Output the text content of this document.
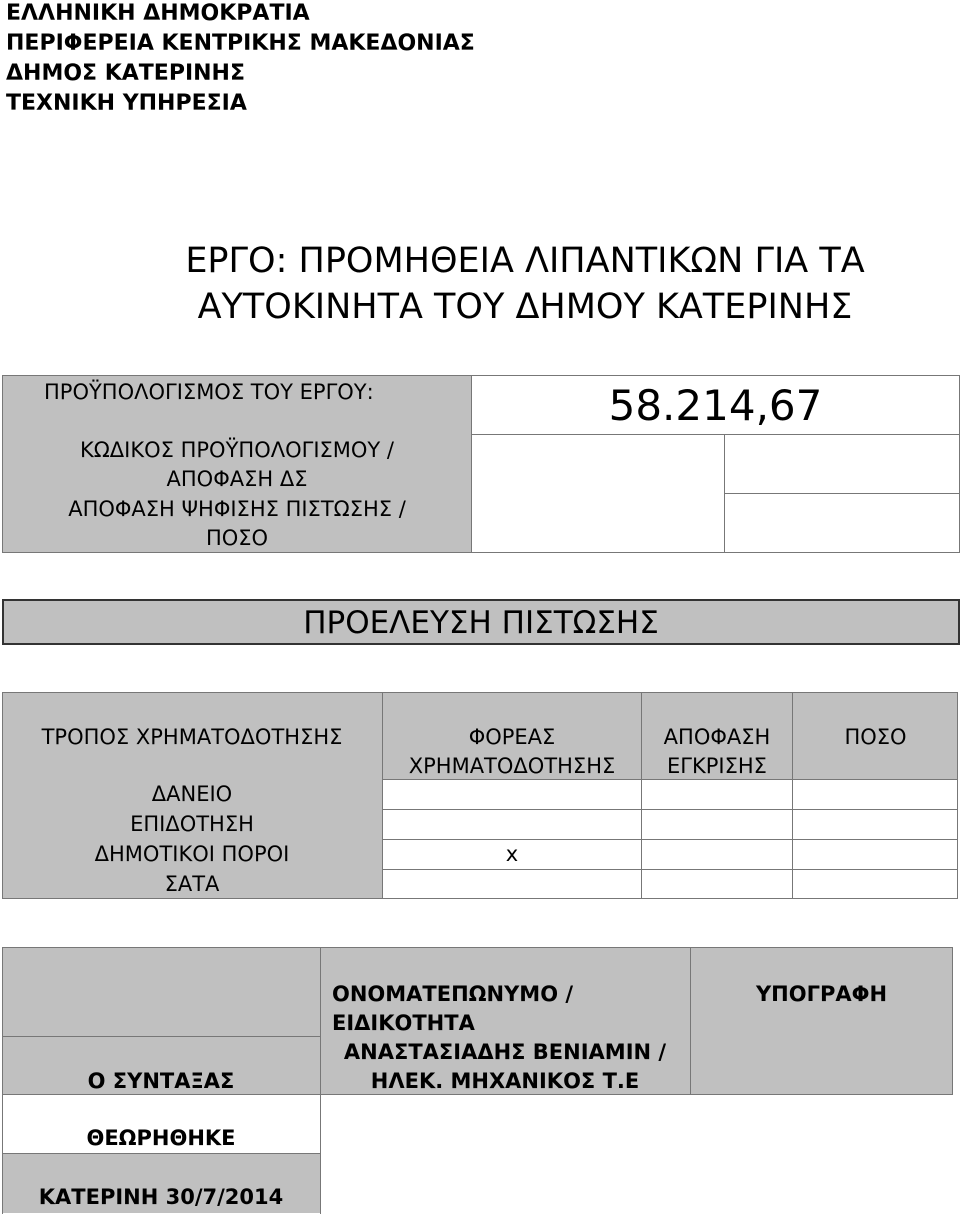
ΕΛΛΗΝΙΚΗ ΔΗΜΟΚΡΑΤΙΑ
ΠΕΡΙΦΕΡΕΙΑ ΚΕΝΤΡΙΚΗΣ ΜΑΚΕΔΟΝΙΑΣ
ΔΗΜΟΣ ΚΑΤΕΡΙΝΗΣ
ΤΕΧΝΙΚΗ ΥΠΗΡΕΣΙΑ
ΕΡΓΟ: ΠΡΟΜΗΘΕΙΑ ΛΙΠΑΝΤΙΚΩΝ ΓΙΑ ΤΑ
ΑΥΤΟΚΙΝΗΤΑ ΤΟΥ ΔΗΜΟΥ ΚΑΤΕΡΙΝΗΣ
ΠΡΟΫΠΟΛΟΓΙΣΜΟΣ ΤΟΥ ΕΡΓΟΥ:	58.214,67
ΚΩΔΙΚΟΣ ΠΡΟΫΠΟΛΟΓΙΣΜΟΥ /
ΑΠΟΦΑΣΗ ΔΣ
ΑΠΟΦΑΣΗ ΨΗΦΙΣΗΣ ΠΙΣΤΩΣΗΣ /
ΠΟΣΟ
ΠΡΟΕΛΕΥΣΗ ΠΙΣΤΩΣΗΣ
ΤΡΟΠΟΣ ΧΡΗΜΑΤΟΔΟΤΗΣΗΣ	ΦΟΡΕΑΣ
ΧΡΗΜΑΤΟΔΟΤΗΣΗΣ
ΑΠΟΦΑΣΗ
ΕΓΚΡΙΣΗΣ
ΠΟΣΟ
ΔΑΝΕΙΟ
ΕΠΙΔΟΤΗΣΗ
ΔΗΜΟΤΙΚΟΙ ΠΟΡΟΙ
ΣΑΤΑ
x
ΟΝΟΜΑΤΕΠΩΝΥΜΟ /
ΕΙΔΙΚΟΤΗΤΑ
ΥΠΟΓΡΑΦΗ
ΑΝΑΣΤΑΣΙΑΔΗΣ ΒΕΝΙΑΜΙΝ /
ΗΛΕΚ. ΜΗΧΑΝΙΚΟΣ Τ.Ε
Ο ΣΥΝΤΑΞΑΣ
ΘΕΩΡΗΘΗΚΕ
ΚΑΤΕΡΙΝΗ 30/7/2014
